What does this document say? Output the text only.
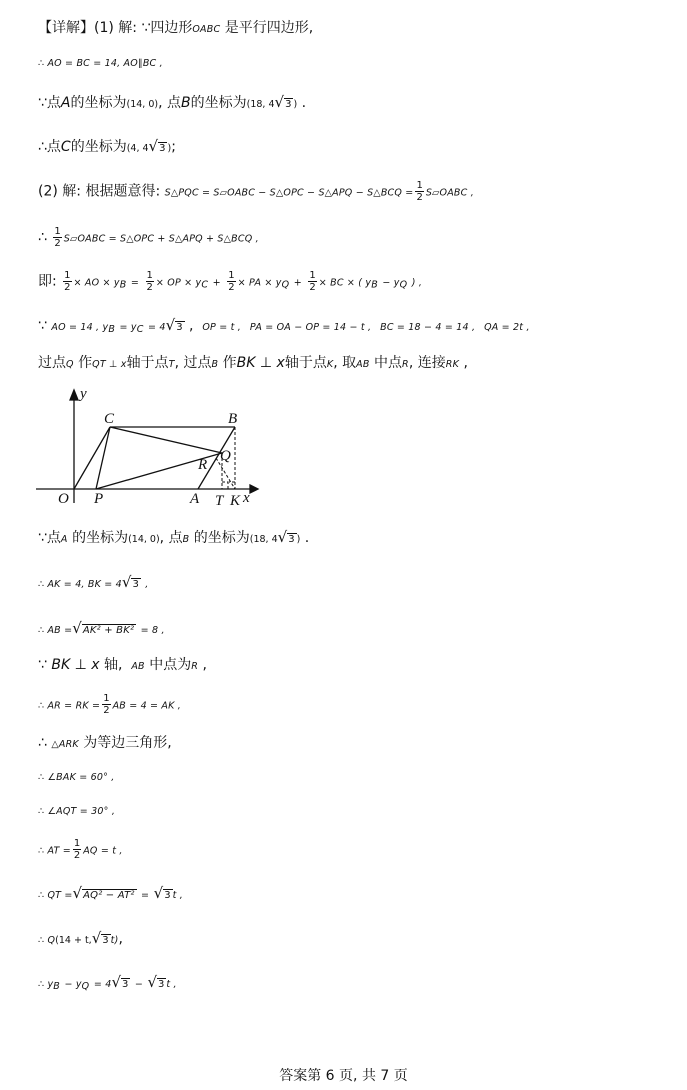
【详解】(1) 解: ∵四边形OABC 是平行四边形,
∴ AO = BC = 14, AO∥BC ,
∵点A的坐标为(14, 0), 点B的坐标为(18, 4√3 ) .
∴点C的坐标为(4, 4√3 );
(2) 解: 根据题意得: S△PQC = S▱OABC − S△OPC − S△APQ − S△BCQ = $\frac{1}{2}$ S▱OABC ,
∴ $\frac{1}{2}$ S▱OABC = S△OPC + S△APQ + S△BCQ ,
即: $\frac{1}{2}$ × AO × $y_B = \frac{1}{2}$ × OP × $y_C + \frac{1}{2}$ × PA × $y_Q + \frac{1}{2}$ × BC × ( $y_B - y_Q$ ) ,
∵ AO = 14 , $y_B = y_C = 4√3$ , OP = t , PA = OA − OP = 14 − t , BC = 18 − 4 = 14 , QA = 2t ,
过点Q 作QT ⊥ x轴于点T, 过点B 作BK ⊥ x轴于点K, 取AB 中点R, 连接RK ,
y
C	B
R
Q
O P	A T K x
∵点A 的坐标为(14, 0), 点B 的坐标为(18, 4√3 ) .
∴ AK = 4, BK = 4√3 ,
∴ AB =√AK² + BK² = 8 ,
∵ BK ⊥ x 轴, AB 中点为R ,
∴ AR = RK = $\frac{1}{2}$ AB = 4 = AK ,
∴ △ARK 为等边三角形,
∴ ∠BAK = 60° ,
∴ ∠AQT = 30° ,
∴ AT = $\frac{1}{2}$ AQ = t ,
∴ QT =√AQ² − AT² = √3 t ,
∴ Q(14 + t,√3 t),
∴ $y_B - y_Q = 4√3 - √3$ t ,
答案第 6 页, 共 7 页
